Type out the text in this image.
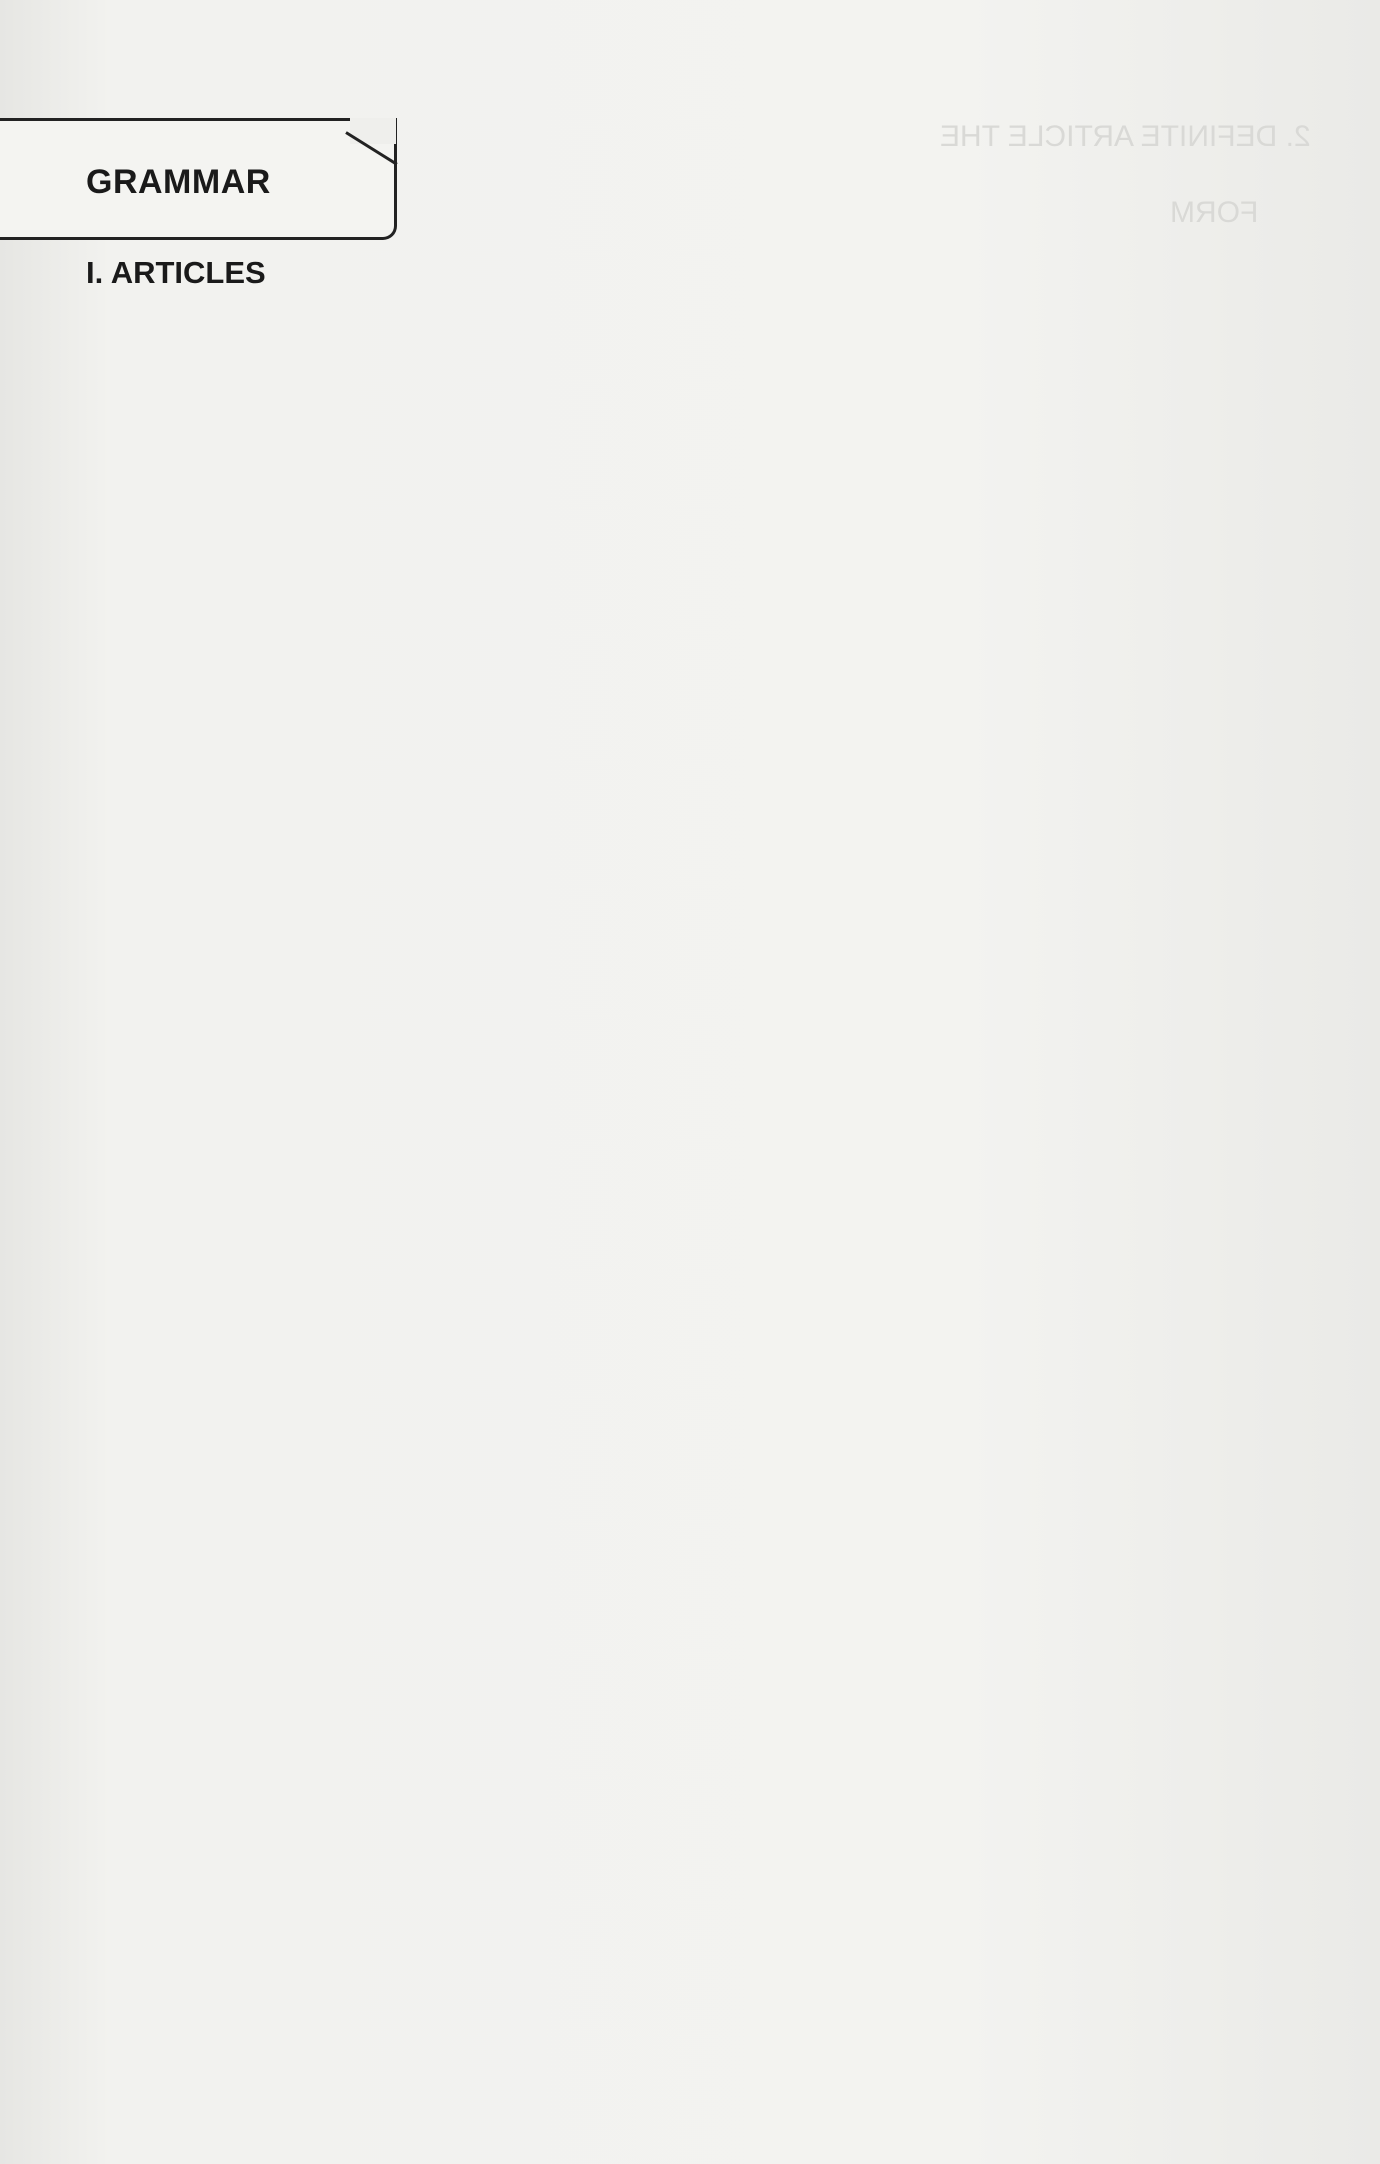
2. DEFINITE ARTICLE THE
FORM
GRAMMAR
I. ARTICLES
